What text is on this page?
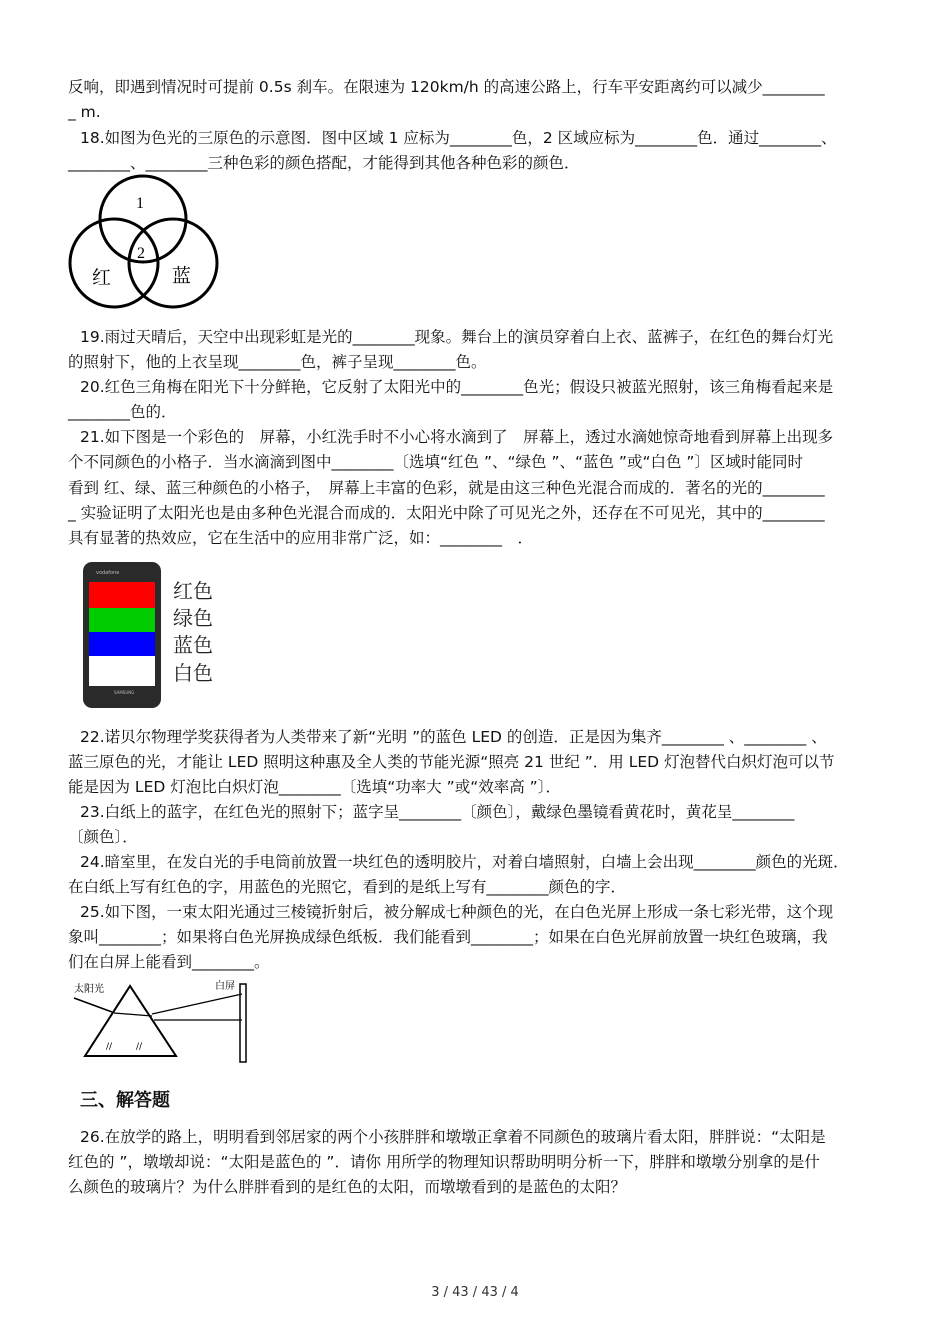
反响，即遇到情况时可提前 0.5s 刹车。在限速为 120km/h 的高速公路上，行车平安距离约可以减少________
_ m.
18.如图为色光的三原色的示意图．图中区域 1 应标为________色，2 区域应标为________色．通过________、
________、________三种色彩的颜色搭配，才能得到其他各种色彩的颜色．
1
2
红	蓝
19.雨过天晴后，天空中出现彩虹是光的________现象。舞台上的演员穿着白上衣、蓝裤子，在红色的舞台灯光
的照射下，他的上衣呈现________色，裤子呈现________色。
20.红色三角梅在阳光下十分鲜艳，它反射了太阳光中的________色光；假设只被蓝光照射，该三角梅看起来是
________色的．
21.如下图是一个彩色的　屏幕，小红洗手时不小心将水滴到了　屏幕上，透过水滴她惊奇地看到屏幕上出现多
个不同颜色的小格子．当水滴滴到图中________〔选填“红色 ”、“绿色 ”、“蓝色 ”或“白色 ”〕区域时能同时
看到 红、绿、蓝三种颜色的小格子，　屏幕上丰富的色彩，就是由这三种色光混合而成的．著名的光的________
_ 实验证明了太阳光也是由多种色光混合而成的．太阳光中除了可见光之外，还存在不可见光，其中的________
具有显著的热效应，它在生活中的应用非常广泛，如：________　．
vodafone
SAMSUNG
红色
绿色
蓝色
白色
22.诺贝尔物理学奖获得者为人类带来了新“光明 ”的蓝色 LED 的创造．正是因为集齐________ 、________ 、
蓝三原色的光，才能让 LED 照明这种惠及全人类的节能光源“照亮 21 世纪 ”．用 LED 灯泡替代白炽灯泡可以节
能是因为 LED 灯泡比白炽灯泡________〔选填“功率大 ”或“效率高 ”〕．
23.白纸上的蓝字，在红色光的照射下；蓝字呈________〔颜色〕，戴绿色墨镜看黄花时，黄花呈________
〔颜色〕．
24.暗室里，在发白光的手电筒前放置一块红色的透明胶片，对着白墙照射，白墙上会出现________颜色的光斑．
在白纸上写有红色的字，用蓝色的光照它，看到的是纸上写有________颜色的字．
25.如下图，一束太阳光通过三棱镜折射后，被分解成七种颜色的光，在白色光屏上形成一条七彩光带，这个现
象叫________；如果将白色光屏换成绿色纸板．我们能看到________；如果在白色光屏前放置一块红色玻璃，我
们在白屏上能看到________。
太阳光	白屏
//	//
三、解答题
26.在放学的路上，明明看到邻居家的两个小孩胖胖和墩墩正拿着不同颜色的玻璃片看太阳，胖胖说：“太阳是
红色的 ”，墩墩却说：“太阳是蓝色的 ”．请你 用所学的物理知识帮助明明分析一下，胖胖和墩墩分别拿的是什
么颜色的玻璃片？为什么胖胖看到的是红色的太阳，而墩墩看到的是蓝色的太阳？
3 / 43 / 43 / 4
